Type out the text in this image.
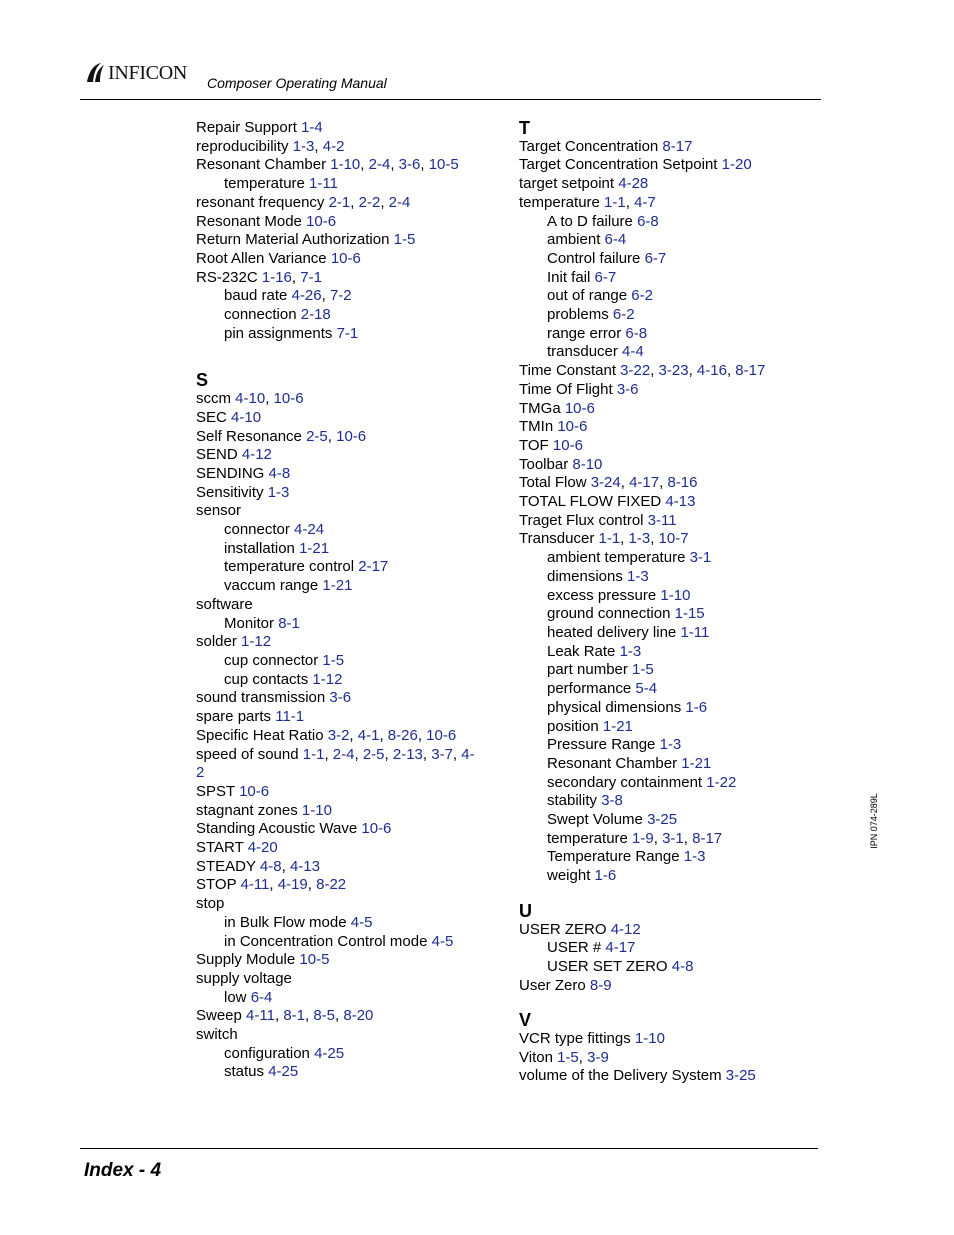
INFICON Composer Operating Manual
Repair Support 1-4
reproducibility 1-3, 4-2
Resonant Chamber 1-10, 2-4, 3-6, 10-5
temperature 1-11
resonant frequency 2-1, 2-2, 2-4
Resonant Mode 10-6
Return Material Authorization 1-5
Root Allen Variance 10-6
RS-232C 1-16, 7-1
baud rate 4-26, 7-2
connection 2-18
pin assignments 7-1
S
sccm 4-10, 10-6
SEC 4-10
Self Resonance 2-5, 10-6
SEND 4-12
SENDING 4-8
Sensitivity 1-3
sensor
connector 4-24
installation 1-21
temperature control 2-17
vaccum range 1-21
software
Monitor 8-1
solder 1-12
cup connector 1-5
cup contacts 1-12
sound transmission 3-6
spare parts 11-1
Specific Heat Ratio 3-2, 4-1, 8-26, 10-6
speed of sound 1-1, 2-4, 2-5, 2-13, 3-7, 4-2
SPST 10-6
stagnant zones 1-10
Standing Acoustic Wave 10-6
START 4-20
STEADY 4-8, 4-13
STOP 4-11, 4-19, 8-22
stop
in Bulk Flow mode 4-5
in Concentration Control mode 4-5
Supply Module 10-5
supply voltage
low 6-4
Sweep 4-11, 8-1, 8-5, 8-20
switch
configuration 4-25
status 4-25
T
Target Concentration 8-17
Target Concentration Setpoint 1-20
target setpoint 4-28
temperature 1-1, 4-7
A to D failure 6-8
ambient 6-4
Control failure 6-7
Init fail 6-7
out of range 6-2
problems 6-2
range error 6-8
transducer 4-4
Time Constant 3-22, 3-23, 4-16, 8-17
Time Of Flight 3-6
TMGa 10-6
TMIn 10-6
TOF 10-6
Toolbar 8-10
Total Flow 3-24, 4-17, 8-16
TOTAL FLOW FIXED 4-13
Traget Flux control 3-11
Transducer 1-1, 1-3, 10-7
ambient temperature 3-1
dimensions 1-3
excess pressure 1-10
ground connection 1-15
heated delivery line 1-11
Leak Rate 1-3
part number 1-5
performance 5-4
physical dimensions 1-6
position 1-21
Pressure Range 1-3
Resonant Chamber 1-21
secondary containment 1-22
stability 3-8
Swept Volume 3-25
temperature 1-9, 3-1, 8-17
Temperature Range 1-3
weight 1-6
U
USER ZERO 4-12
USER # 4-17
USER SET ZERO 4-8
User Zero 8-9
V
VCR type fittings 1-10
Viton 1-5, 3-9
volume of the Delivery System 3-25
IPN 074-289L
Index - 4
